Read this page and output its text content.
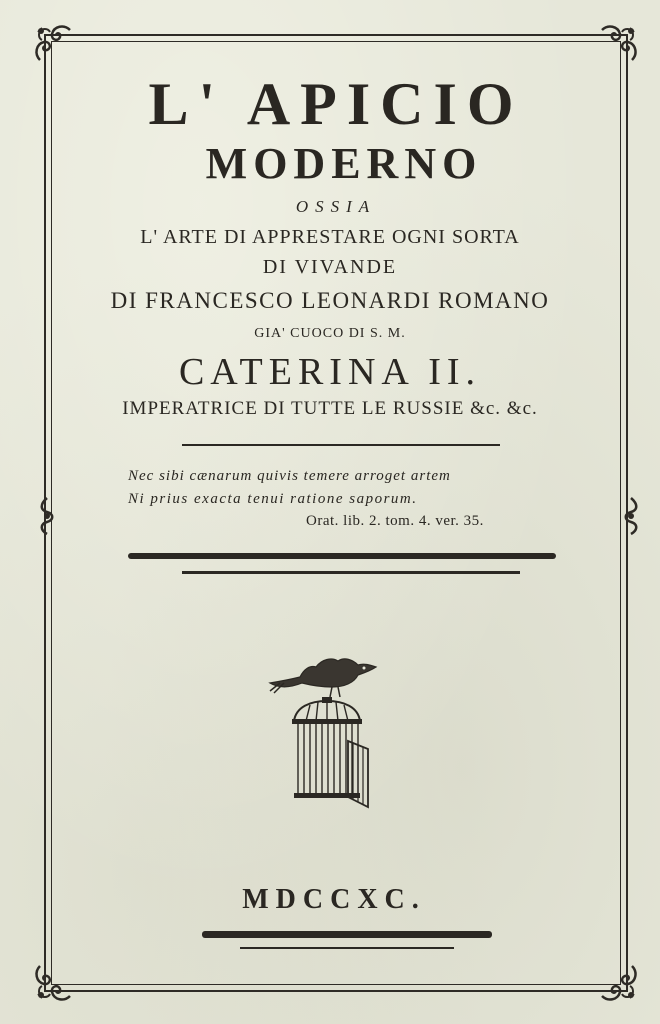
L' APICIO
MODERNO
OSSIA
L' ARTE DI APPRESTARE OGNI SORTA
DI VIVANDE
DI FRANCESCO LEONARDI ROMANO
GIA' CUOCO DI S. M.
CATERINA II.
IMPERATRICE DI TUTTE LE RUSSIE &c. &c.
Nec sibi cænarum quivis temere arroget artem
Ni prius exacta tenui ratione saporum.
Orat. lib. 2. tom. 4. ver. 35.
MDCCXC.
